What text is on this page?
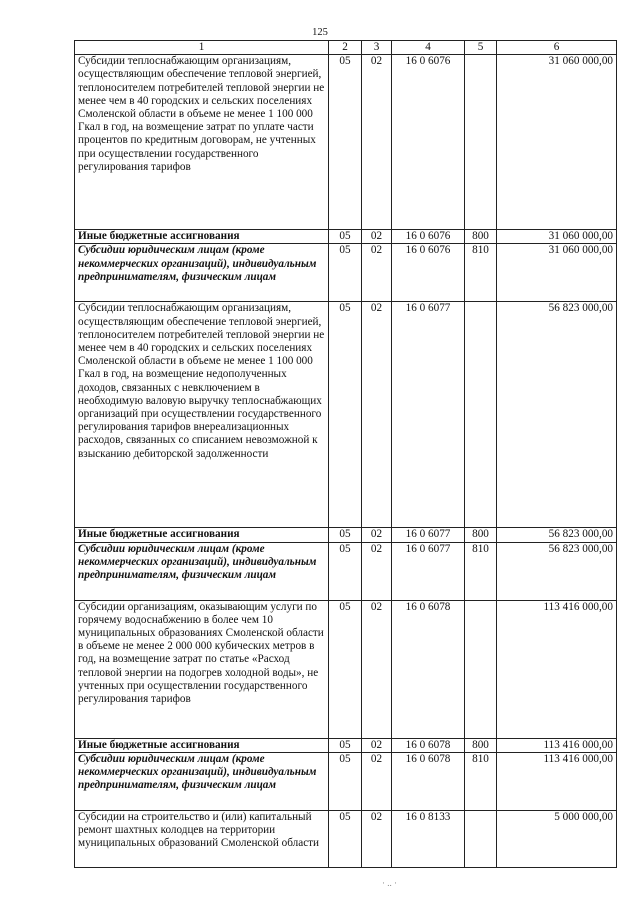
125
1	2	3	4	5	6
Субсидии теплоснабжающим организациям, осуществляющим обеспечение тепловой энергией, теплоносителем потребителей тепловой энергии не менее чем в 40 городских и сельских поселениях Смоленской области в объеме не менее 1 100 000 Гкал в год, на возмещение затрат по уплате части процентов по кредитным договорам, не учтенных при осуществлении государственного регулирования тарифов	05	02	16 0 6076		31 060 000,00
Иные бюджетные ассигнования	05	02	16 0 6076	800	31 060 000,00
Субсидии юридическим лицам (кроме некоммерческих организаций), индивидуальным предпринимателям, физическим лицам	05	02	16 0 6076	810	31 060 000,00
Субсидии теплоснабжающим организациям, осуществляющим обеспечение тепловой энергией, теплоносителем потребителей тепловой энергии не менее чем в 40 городских и сельских поселениях Смоленской области в объеме не менее 1 100 000 Гкал в год, на возмещение недополученных доходов, связанных с невключением в необходимую валовую выручку теплоснабжающих организаций при осуществлении государственного регулирования тарифов внереализационных расходов, связанных со списанием невозможной к взысканию дебиторской задолженности	05	02	16 0 6077		56 823 000,00
Иные бюджетные ассигнования	05	02	16 0 6077	800	56 823 000,00
Субсидии юридическим лицам (кроме некоммерческих организаций), индивидуальным предпринимателям, физическим лицам	05	02	16 0 6077	810	56 823 000,00
Субсидии организациям, оказывающим услуги по горячему водоснабжению в более чем 10 муниципальных образованиях Смоленской области в объеме не менее 2 000 000 кубических метров в год, на возмещение затрат по статье «Расход тепловой энергии на подогрев холодной воды», не учтенных при осуществлении государственного регулирования тарифов	05	02	16 0 6078		113 416 000,00
Иные бюджетные ассигнования	05	02	16 0 6078	800	113 416 000,00
Субсидии юридическим лицам (кроме некоммерческих организаций), индивидуальным предпринимателям, физическим лицам	05	02	16 0 6078	810	113 416 000,00
Субсидии на строительство и (или) капитальный ремонт шахтных колодцев на территории муниципальных образований Смоленской области	05	02	16 0 8133		5 000 000,00
· .. ·
